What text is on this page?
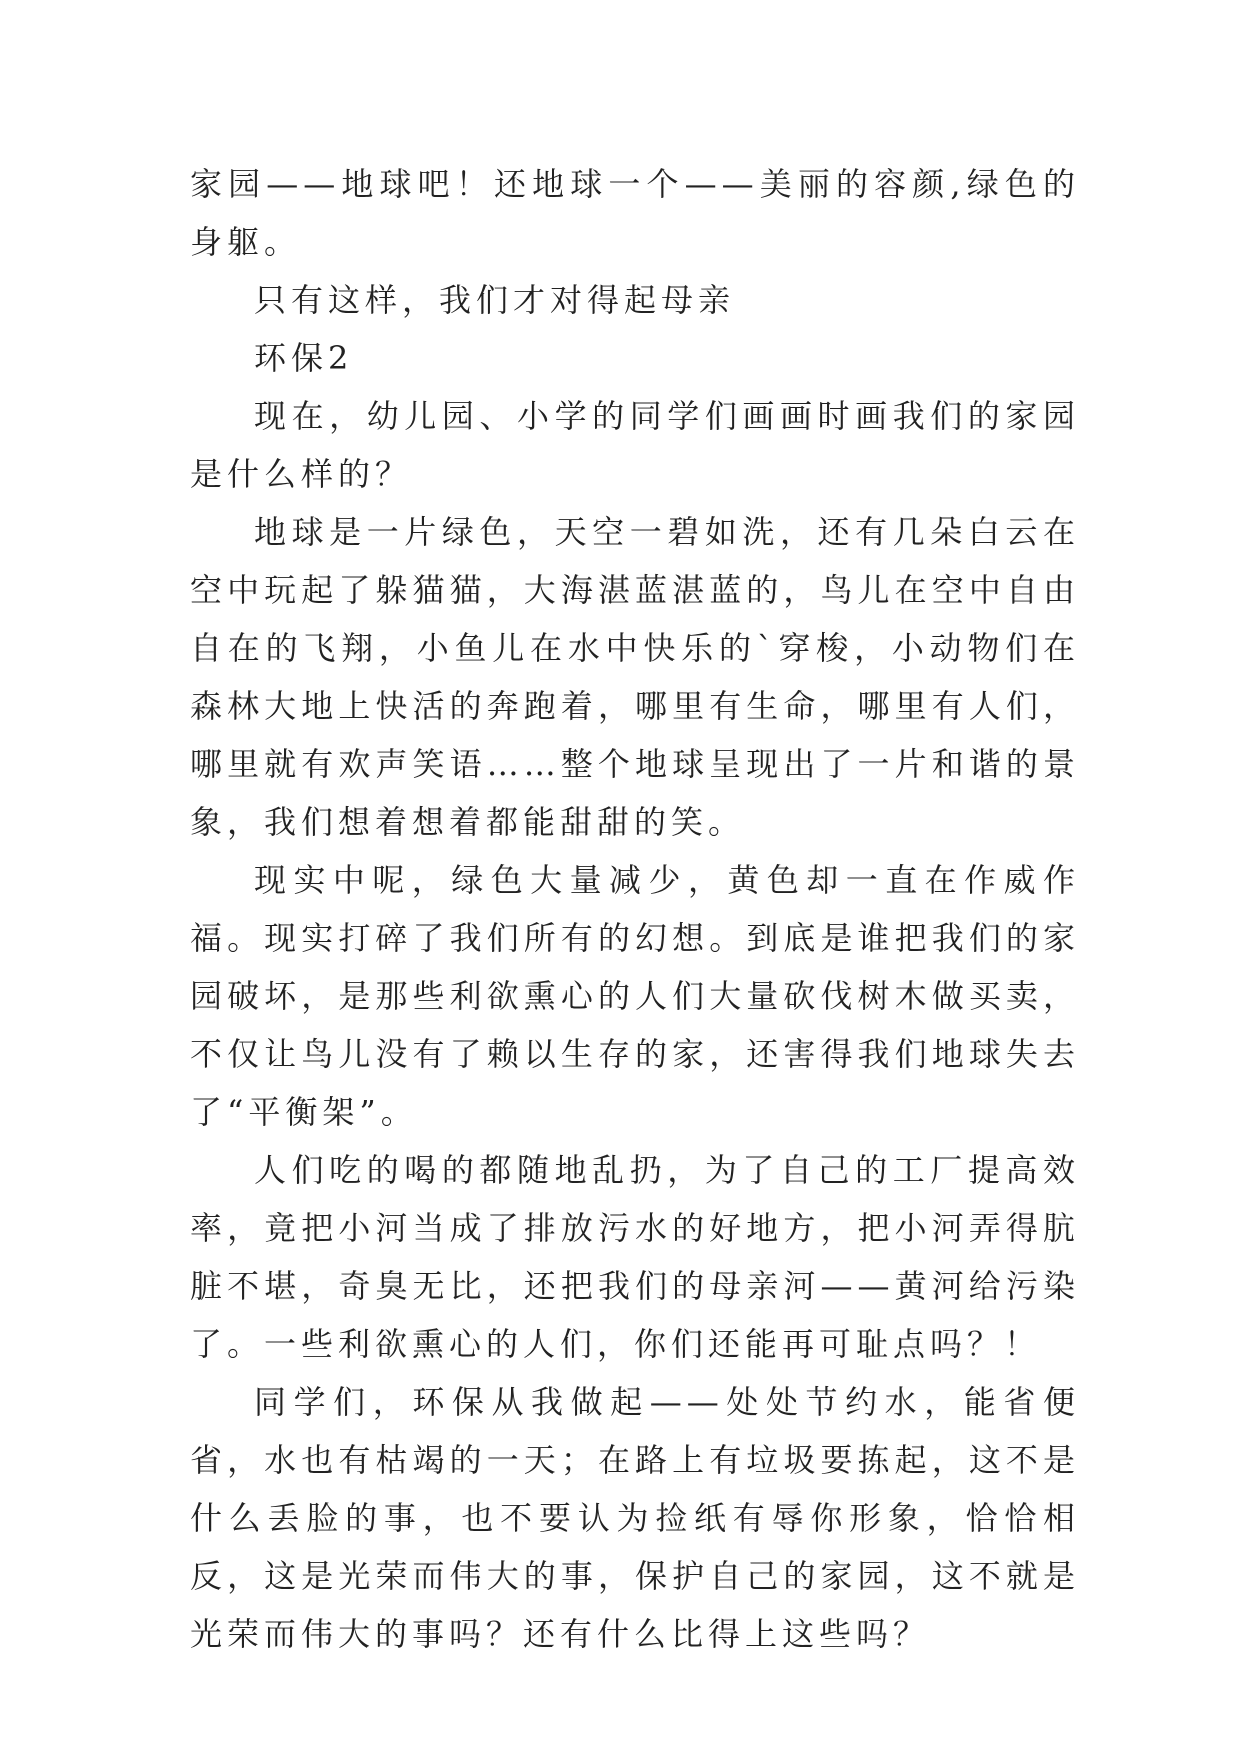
家园——地球吧！还地球一个——美丽的容颜,绿色的身躯。

只有这样，我们才对得起母亲

环保2

现在，幼儿园、小学的同学们画画时画我们的家园是什么样的？

地球是一片绿色，天空一碧如洗，还有几朵白云在空中玩起了躲猫猫，大海湛蓝湛蓝的，鸟儿在空中自由自在的飞翔，小鱼儿在水中快乐的`穿梭，小动物们在森林大地上快活的奔跑着，哪里有生命，哪里有人们，哪里就有欢声笑语……整个地球呈现出了一片和谐的景象，我们想着想着都能甜甜的笑。

现实中呢，绿色大量减少，黄色却一直在作威作福。现实打碎了我们所有的幻想。到底是谁把我们的家园破坏，是那些利欲熏心的人们大量砍伐树木做买卖，不仅让鸟儿没有了赖以生存的家，还害得我们地球失去了“平衡架”。

人们吃的喝的都随地乱扔，为了自己的工厂提高效率，竟把小河当成了排放污水的好地方，把小河弄得肮脏不堪，奇臭无比，还把我们的母亲河——黄河给污染了。一些利欲熏心的人们，你们还能再可耻点吗？！

同学们，环保从我做起——处处节约水，能省便省，水也有枯竭的一天；在路上有垃圾要拣起，这不是什么丢脸的事，也不要认为捡纸有辱你形象，恰恰相反，这是光荣而伟大的事，保护自己的家园，这不就是光荣而伟大的事吗？还有什么比得上这些吗？
